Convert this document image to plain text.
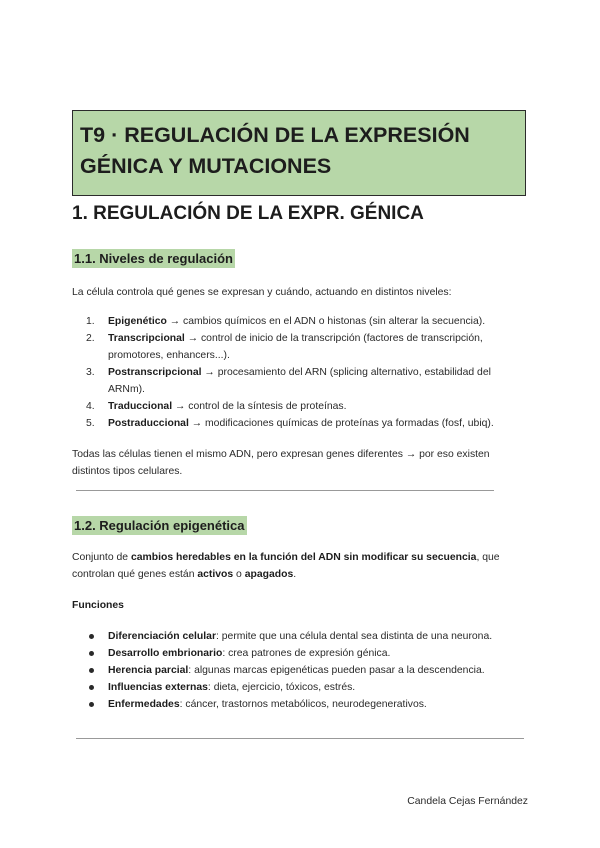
T9 · REGULACIÓN DE LA EXPRESIÓN
GÉNICA Y MUTACIONES
1. REGULACIÓN DE LA EXPR. GÉNICA
1.1. Niveles de regulación

La célula controla qué genes se expresan y cuándo, actuando en distintos niveles:

1.	Epigenético → cambios químicos en el ADN o histonas (sin alterar la secuencia).
2.	Transcripcional → control de inicio de la transcripción (factores de transcripción, promotores, enhancers...).
3.	Postranscripcional → procesamiento del ARN (splicing alternativo, estabilidad del ARNm).
4.	Traduccional → control de la síntesis de proteínas.
5.	Postraduccional → modificaciones químicas de proteínas ya formadas (fosf, ubiq).

Todas las células tienen el mismo ADN, pero expresan genes diferentes → por eso existen distintos tipos celulares.

1.2. Regulación epigenética

Conjunto de cambios heredables en la función del ADN sin modificar su secuencia, que controlan qué genes están activos o apagados.

Funciones

Diferenciación celular: permite que una célula dental sea distinta de una neurona.
Desarrollo embrionario: crea patrones de expresión génica.
Herencia parcial: algunas marcas epigenéticas pueden pasar a la descendencia.
Influencias externas: dieta, ejercicio, tóxicos, estrés.
Enfermedades: cáncer, trastornos metabólicos, neurodegenerativos.
Candela Cejas Fernández
